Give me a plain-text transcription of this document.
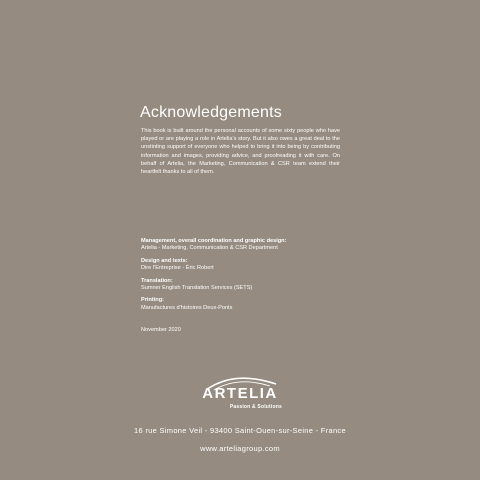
Acknowledgements

This book is built around the personal accounts of some sixty people who have played or are playing a role in Artelia’s story. But it also owes a great deal to the unstinting support of everyone who helped to bring it into being by contributing information and images, providing advice, and proofreading it with care. On behalf of Artelia, the Marketing, Communication & CSR team extend their heartfelt thanks to all of them.

Management, overall coordination and graphic design:
Artelia - Marketing, Communication & CSR Department
Design and texts:
Dire l’Entreprise - Éric Robert
Translation:
Sumner English Translation Services (SETS)
Printing:
Manufactures d’histoires Deux-Ponts
November 2020
ARTELIA
Passion & Solutions
16 rue Simone Veil - 93400 Saint-Ouen-sur-Seine - France
www.arteliagroup.com
